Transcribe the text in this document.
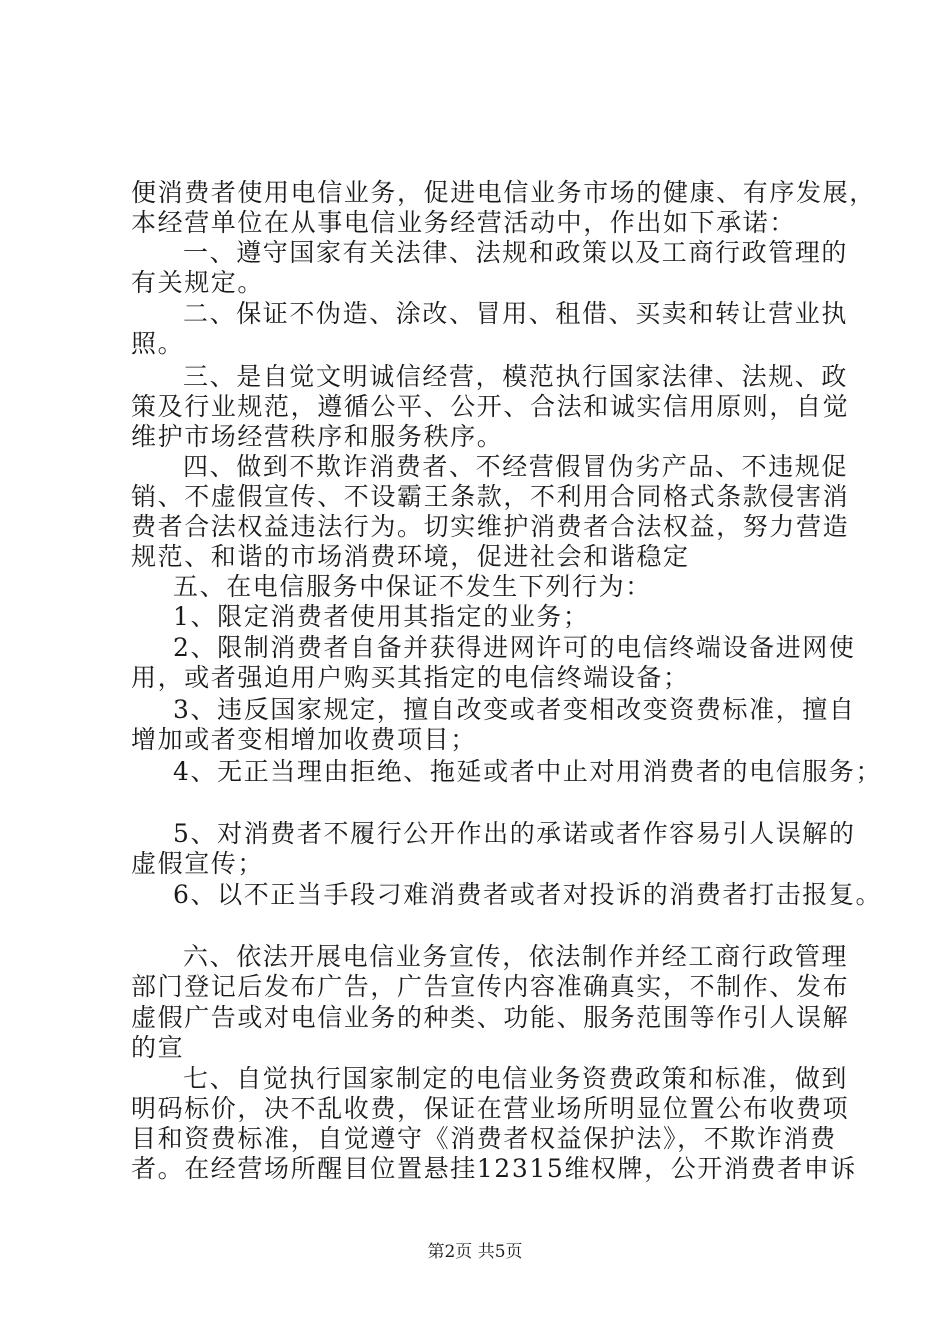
便消费者使用电信业务，促进电信业务市场的健康、有序发展，
本经营单位在从事电信业务经营活动中，作出如下承诺：
一、遵守国家有关法律、法规和政策以及工商行政管理的
有关规定。
二、保证不伪造、涂改、冒用、租借、买卖和转让营业执
照。
三、是自觉文明诚信经营，模范执行国家法律、法规、政
策及行业规范，遵循公平、公开、合法和诚实信用原则，自觉
维护市场经营秩序和服务秩序。
四、做到不欺诈消费者、不经营假冒伪劣产品、不违规促
销、不虚假宣传、不设霸王条款，不利用合同格式条款侵害消
费者合法权益违法行为。切实维护消费者合法权益，努力营造
规范、和谐的市场消费环境，促进社会和谐稳定
五、在电信服务中保证不发生下列行为：
1、限定消费者使用其指定的业务；
2、限制消费者自备并获得进网许可的电信终端设备进网使
用，或者强迫用户购买其指定的电信终端设备；
3、违反国家规定，擅自改变或者变相改变资费标准，擅自
增加或者变相增加收费项目；
4、无正当理由拒绝、拖延或者中止对用消费者的电信服务；
5、对消费者不履行公开作出的承诺或者作容易引人误解的
虚假宣传；
6、以不正当手段刁难消费者或者对投诉的消费者打击报复。
六、依法开展电信业务宣传，依法制作并经工商行政管理
部门登记后发布广告，广告宣传内容准确真实，不制作、发布
虚假广告或对电信业务的种类、功能、服务范围等作引人误解
的宣
七、自觉执行国家制定的电信业务资费政策和标准，做到
明码标价，决不乱收费，保证在营业场所明显位置公布收费项
目和资费标准，自觉遵守《消费者权益保护法》，不欺诈消费
者。在经营场所醒目位置悬挂12315维权牌，公开消费者申诉
第2页 共5页
